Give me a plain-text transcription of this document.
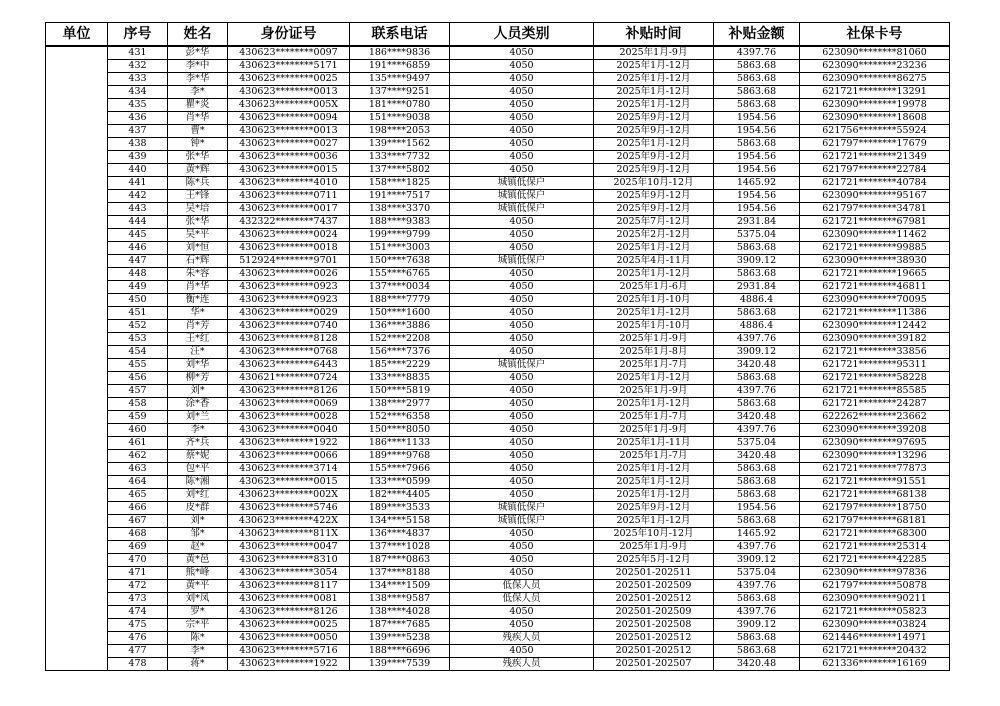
单位	序号	姓名	身份证号	联系电话	人员类别	补贴时间	补贴金额	社保卡号
	431	彭*华	430623********0097	186****9836	4050	2025年1月-9月	4397.76	623090********81060
	432	李*中	430623********5171	191****6859	4050	2025年1月-12月	5863.68	623090********23236
	433	李*华	430623********0025	135****9497	4050	2025年1月-12月	5863.68	623090********86275
	434	李*	430623********0013	137****9251	4050	2025年1月-12月	5863.68	621721********13291
	435	瞿*炎	430623********005X	181****0780	4050	2025年1月-12月	5863.68	623090********19978
	436	肖*华	430623********0094	151****9038	4050	2025年9月-12月	1954.56	623090********18608
	437	曹*	430623********0013	198****2053	4050	2025年9月-12月	1954.56	621756********55924
	438	钟*	430623********0027	139****1562	4050	2025年1月-12月	5863.68	621797********17679
	439	张*华	430623********0036	133****7732	4050	2025年9月-12月	1954.56	621721********21349
	440	黄*辉	430623********0015	137****5802	4050	2025年9月-12月	1954.56	621797********22784
	441	陈*兵	430623********4010	158****1825	城镇低保户	2025年10月-12月	1465.92	621721********40784
	442	王*锋	430623********0711	191****7517	城镇低保户	2025年9月-12月	1954.56	623090********95167
	443	吴*培	430623********0017	138****3370	城镇低保户	2025年9月-12月	1954.56	621797********34781
	444	张*华	432322********7437	188****9383	4050	2025年7月-12月	2931.84	621721********67981
	445	吴*平	430623********0024	199****9799	4050	2025年2月-12月	5375.04	623090********11462
	446	刘*恒	430623********0018	151****3003	4050	2025年1月-12月	5863.68	621721********99885
	447	石*辉	512924********9701	150****7638	城镇低保户	2025年4月-11月	3909.12	623090********38930
	448	朱*容	430623********0026	155****6765	4050	2025年1月-12月	5863.68	621721********19665
	449	肖*华	430623********0923	137****0034	4050	2025年1月-6月	2931.84	621721********46811
	450	衡*连	430623********0923	188****7779	4050	2025年1月-10月	4886.4	623090********70095
	451	华*	430623********0029	150****1600	4050	2025年1月-12月	5863.68	621721********11386
	452	肖*芳	430623********0740	136****3886	4050	2025年1月-10月	4886.4	623090********12442
	453	王*红	430623********8128	152****2208	4050	2025年1月-9月	4397.76	623090********39182
	454	汪*	430623********0768	156****7376	4050	2025年1月-8月	3909.12	621721********33856
	455	刘*华	430623********6443	185****2229	城镇低保户	2025年1月-7月	3420.48	621721********95311
	456	柳*芳	430621********0724	133****8835	4050	2025年1月-12月	5863.68	621721********58228
	457	刘*	430623********8126	150****5819	4050	2025年1月-9月	4397.76	621721********85585
	458	涂*香	430623********0069	138****2977	4050	2025年1月-12月	5863.68	621721********24287
	459	刘*兰	430623********0028	152****6358	4050	2025年1月-7月	3420.48	622262********23662
	460	李*	430623********0040	150****8050	4050	2025年1月-9月	4397.76	623090********39208
	461	齐*兵	430623********1922	186****1133	4050	2025年1月-11月	5375.04	623090********97695
	462	蔡*妮	430623********0066	189****9768	4050	2025年1月-7月	3420.48	623090********13296
	463	包*平	430623********3714	155****7966	4050	2025年1月-12月	5863.68	621721********77873
	464	陈*湘	430623********0015	133****0599	4050	2025年1月-12月	5863.68	621721********91551
	465	刘*红	430623********002X	182****4405	4050	2025年1月-12月	5863.68	621721********68138
	466	皮*群	430623********5746	189****3533	城镇低保户	2025年9月-12月	1954.56	621797********18750
	467	刘*	430623********422X	134****5158	城镇低保户	2025年1月-12月	5863.68	621797********68181
	468	邹*	430623********811X	136****4837	4050	2025年10月-12月	1465.92	621721********68300
	469	赵*	430623********0047	137****1028	4050	2025年1月-9月	4397.76	621721********25314
	470	黄*邑	430623********8310	187****0863	4050	2025年5月-12月	3909.12	621721********42285
	471	熊*峰	430623********3054	137****8188	4050	202501-202511	5375.04	623090********97836
	472	黄*平	430623********8117	134****1509	低保人员	202501-202509	4397.76	621797********50878
	473	刘*凤	430623********0081	138****9587	低保人员	202501-202512	5863.68	623090********90211
	474	罗*	430623********8126	138****4028	4050	202501-202509	4397.76	621721********05823
	475	宗*平	430623********0025	187****7685	4050	202501-202508	3909.12	623090********03824
	476	陈*	430623********0050	139****5238	残疾人员	202501-202512	5863.68	621446********14971
	477	李*	430623********5716	188****6696	4050	202501-202512	5863.68	621721********20432
	478	蒋*	430623********1922	139****7539	残疾人员	202501-202507	3420.48	621336********16169
